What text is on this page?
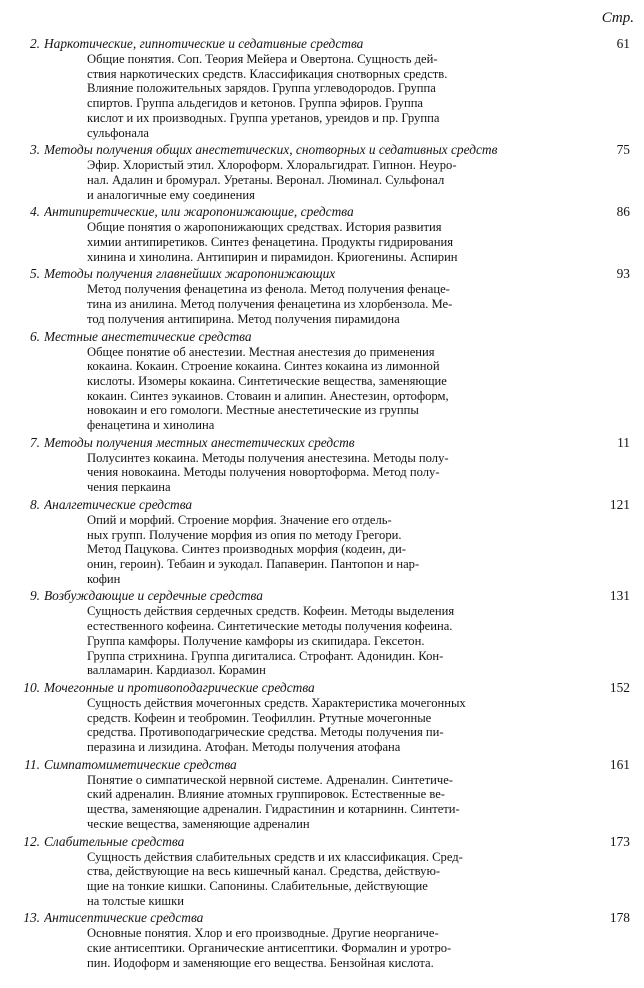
Стр.
2. Наркотические, гипнотические и седативные средства	61
Общие понятия. Соп. Теория Мейера и Овертона. Сущность дей-
ствия наркотических средств. Классификация снотворных средств.
Влияние положительных зарядов. Группа углеводородов. Группа
спиртов. Группа альдегидов и кетонов. Группа эфиров. Группа
кислот и их производных. Группа уретанов, уреидов и пр. Группа
сульфонала
3. Методы получения общих анестетических, снотворных и седативных средств	75
Эфир. Хлористый этил. Хлороформ. Хлоральгидрат. Гипнон. Неуро-
нал. Адалин и бромурал. Уретаны. Веронал. Люминал. Сульфонал
и аналогичные ему соединения
4. Антипиретические, или жаропонижающие, средства	86
Общие понятия о жаропонижающих средствах. История развития
химии антипиретиков. Синтез фенацетина. Продукты гидрирования
хинина и хинолина. Антипирин и пирамидон. Криогенины. Аспирин
5. Методы получения главнейших жаропонижающих	93
Метод получения фенацетина из фенола. Метод получения фенаце-
тина из анилина. Метод получения фенацетина из хлорбензола. Ме-
тод получения антипирина. Метод получения пирамидона
6. Местные анестетические средства
Общее понятие об анестезии. Местная анестезия до применения
кокаина. Кокаин. Строение кокаина. Синтез кокаина из лимонной
кислоты. Изомеры кокаина. Синтетические вещества, заменяющие
кокаин. Синтез эукаинов. Стоваин и алипин. Анестезин, ортоформ,
новокаин и его гомологи. Местные анестетические из группы
фенацетина и хинолина
7. Методы получения местных анестетических средств	11
Полусинтез кокаина. Методы получения анестезина. Методы полу-
чения новокаина. Методы получения новортоформа. Метод полу-
чения перкаина
8. Аналгетические средства	121
Опий и морфий. Строение морфия. Значение его отдель-
ных групп. Получение морфия из опия по методу Грегори.
Метод Пацукова. Синтез производных морфия (кодеин, ди-
онин, героин). Тебаин и эукодал. Папаверин. Пантопон и нар-
кофин
9. Возбуждающие и сердечные средства	131
Сущность действия сердечных средств. Кофеин. Методы выделения
естественного кофеина. Синтетические методы получения кофеина.
Группа камфоры. Получение камфоры из скипидара. Гексетон.
Группа стрихнина. Группа дигиталиса. Строфант. Адонидин. Кон-
валламарин. Кардиазол. Корамин
10. Мочегонные и противоподагрические средства	152
Сущность действия мочегонных средств. Характеристика мочегонных
средств. Кофеин и теобромин. Теофиллин. Ртутные мочегонные
средства. Противоподагрические средства. Методы получения пи-
перазина и лизидина. Атофан. Методы получения атофана
11. Симпатомиметические средства	161
Понятие о симпатической нервной системе. Адреналин. Синтетиче-
ский адреналин. Влияние атомных группировок. Естественные ве-
щества, заменяющие адреналин. Гидрастинин и котарнинн. Синтети-
ческие вещества, заменяющие адреналин
12. Слабительные средства	173
Сущность действия слабительных средств и их классификация. Сред-
ства, действующие на весь кишечный канал. Средства, действую-
щие на тонкие кишки. Сапонины. Слабительные, действующие
на толстые кишки
13. Антисептические средства	178
Основные понятия. Хлор и его производные. Другие неорганиче-
ские антисептики. Органические антисептики. Формалин и уротро-
пин. Иодоформ и заменяющие его вещества. Бензойная кислота.
